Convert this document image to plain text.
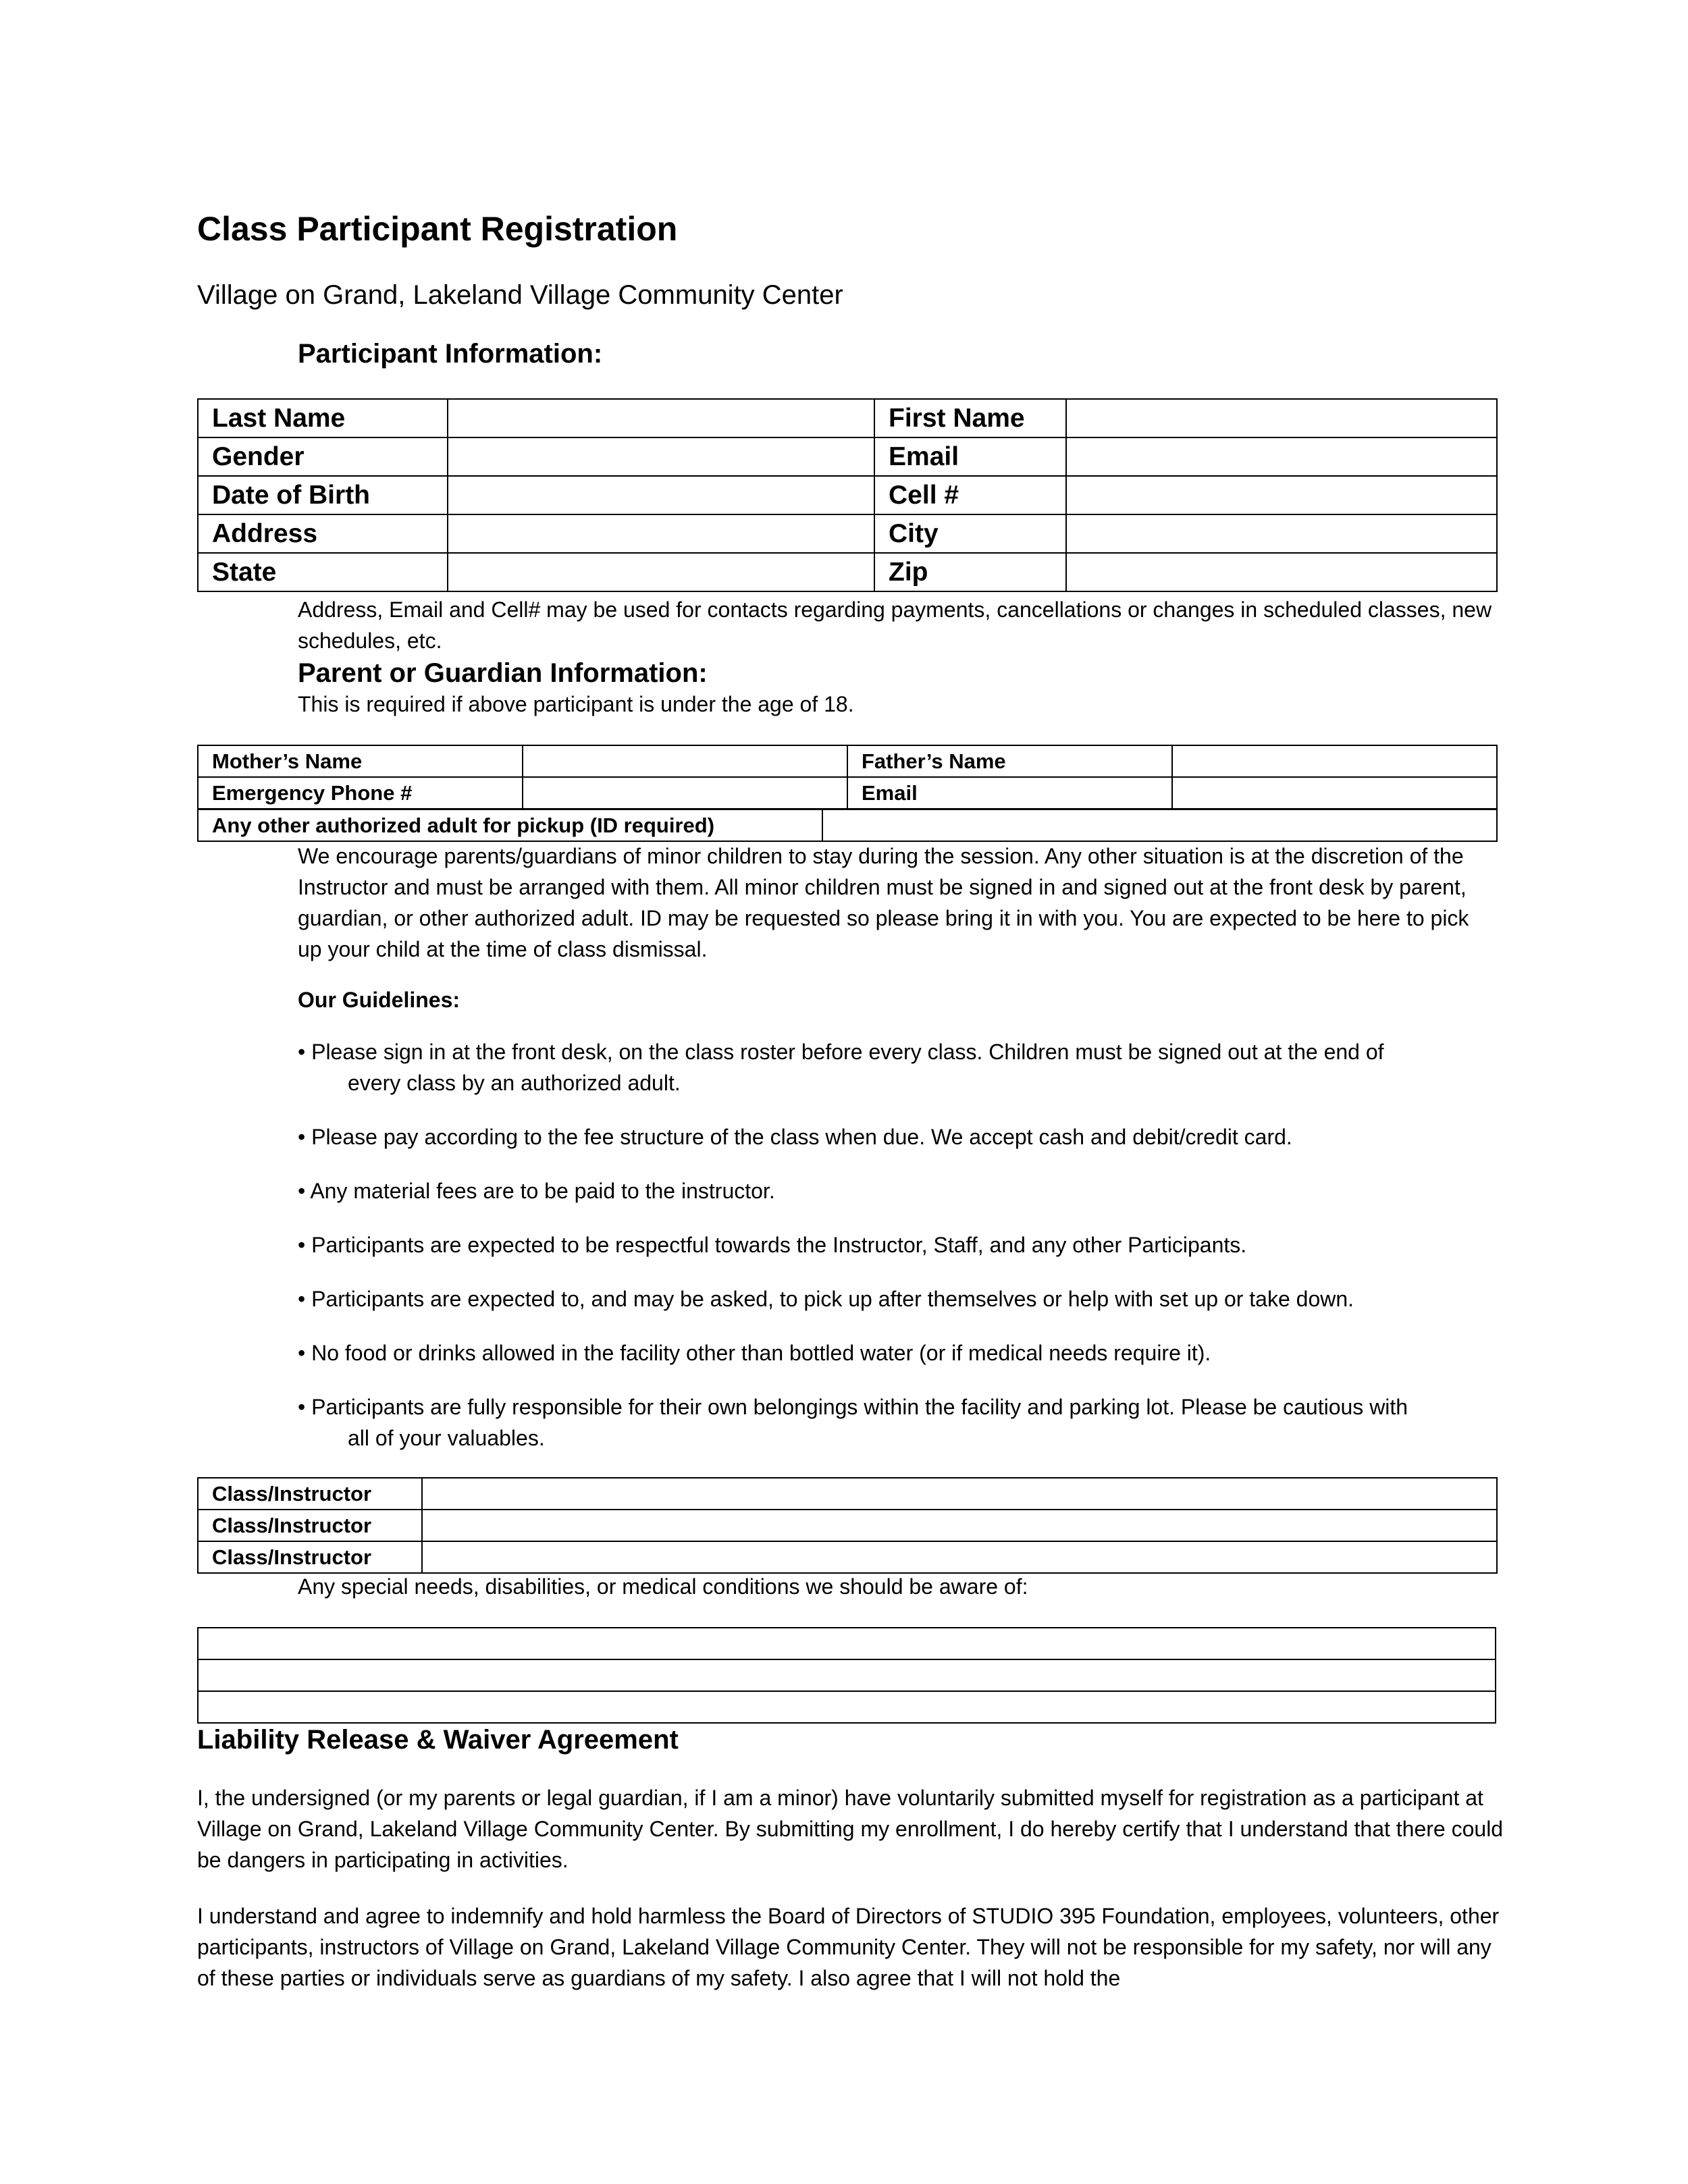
Class Participant Registration
Village on Grand, Lakeland Village Community Center
Participant Information:
Last Name		First Name	
Gender		Email	
Date of Birth		Cell #	
Address		City	
State		Zip	
Address, Email and Cell# may be used for contacts regarding payments, cancellations or changes in scheduled classes, new schedules, etc.
Parent or Guardian Information:
This is required if above participant is under the age of 18.
Mother’s Name		Father’s Name	
Emergency Phone #		Email	
Any other authorized adult for pickup (ID required)	
We encourage parents/guardians of minor children to stay during the session. Any other situation is at the discretion of the Instructor and must be arranged with them. All minor children must be signed in and signed out at the front desk by parent, guardian, or other authorized adult. ID may be requested so please bring it in with you. You are expected to be here to pick up your child at the time of class dismissal.
Our Guidelines:
• Please sign in at the front desk, on the class roster before every class. Children must be signed out at the end of
every class by an authorized adult.
• Please pay according to the fee structure of the class when due. We accept cash and debit/credit card.
• Any material fees are to be paid to the instructor.
• Participants are expected to be respectful towards the Instructor, Staff, and any other Participants.
• Participants are expected to, and may be asked, to pick up after themselves or help with set up or take down.
• No food or drinks allowed in the facility other than bottled water (or if medical needs require it).
• Participants are fully responsible for their own belongings within the facility and parking lot. Please be cautious with
all of your valuables.
Class/Instructor	
Class/Instructor	
Class/Instructor	
Any special needs, disabilities, or medical conditions we should be aware of:

Liability Release & Waiver Agreement
I, the undersigned (or my parents or legal guardian, if I am a minor) have voluntarily submitted myself for registration as a participant at Village on Grand, Lakeland Village Community Center. By submitting my enrollment, I do hereby certify that I understand that there could be dangers in participating in activities.
I understand and agree to indemnify and hold harmless the Board of Directors of STUDIO 395 Foundation, employees, volunteers, other participants, instructors of Village on Grand, Lakeland Village Community Center. They will not be responsible for my safety, nor will any of these parties or individuals serve as guardians of my safety. I also agree that I will not hold the
